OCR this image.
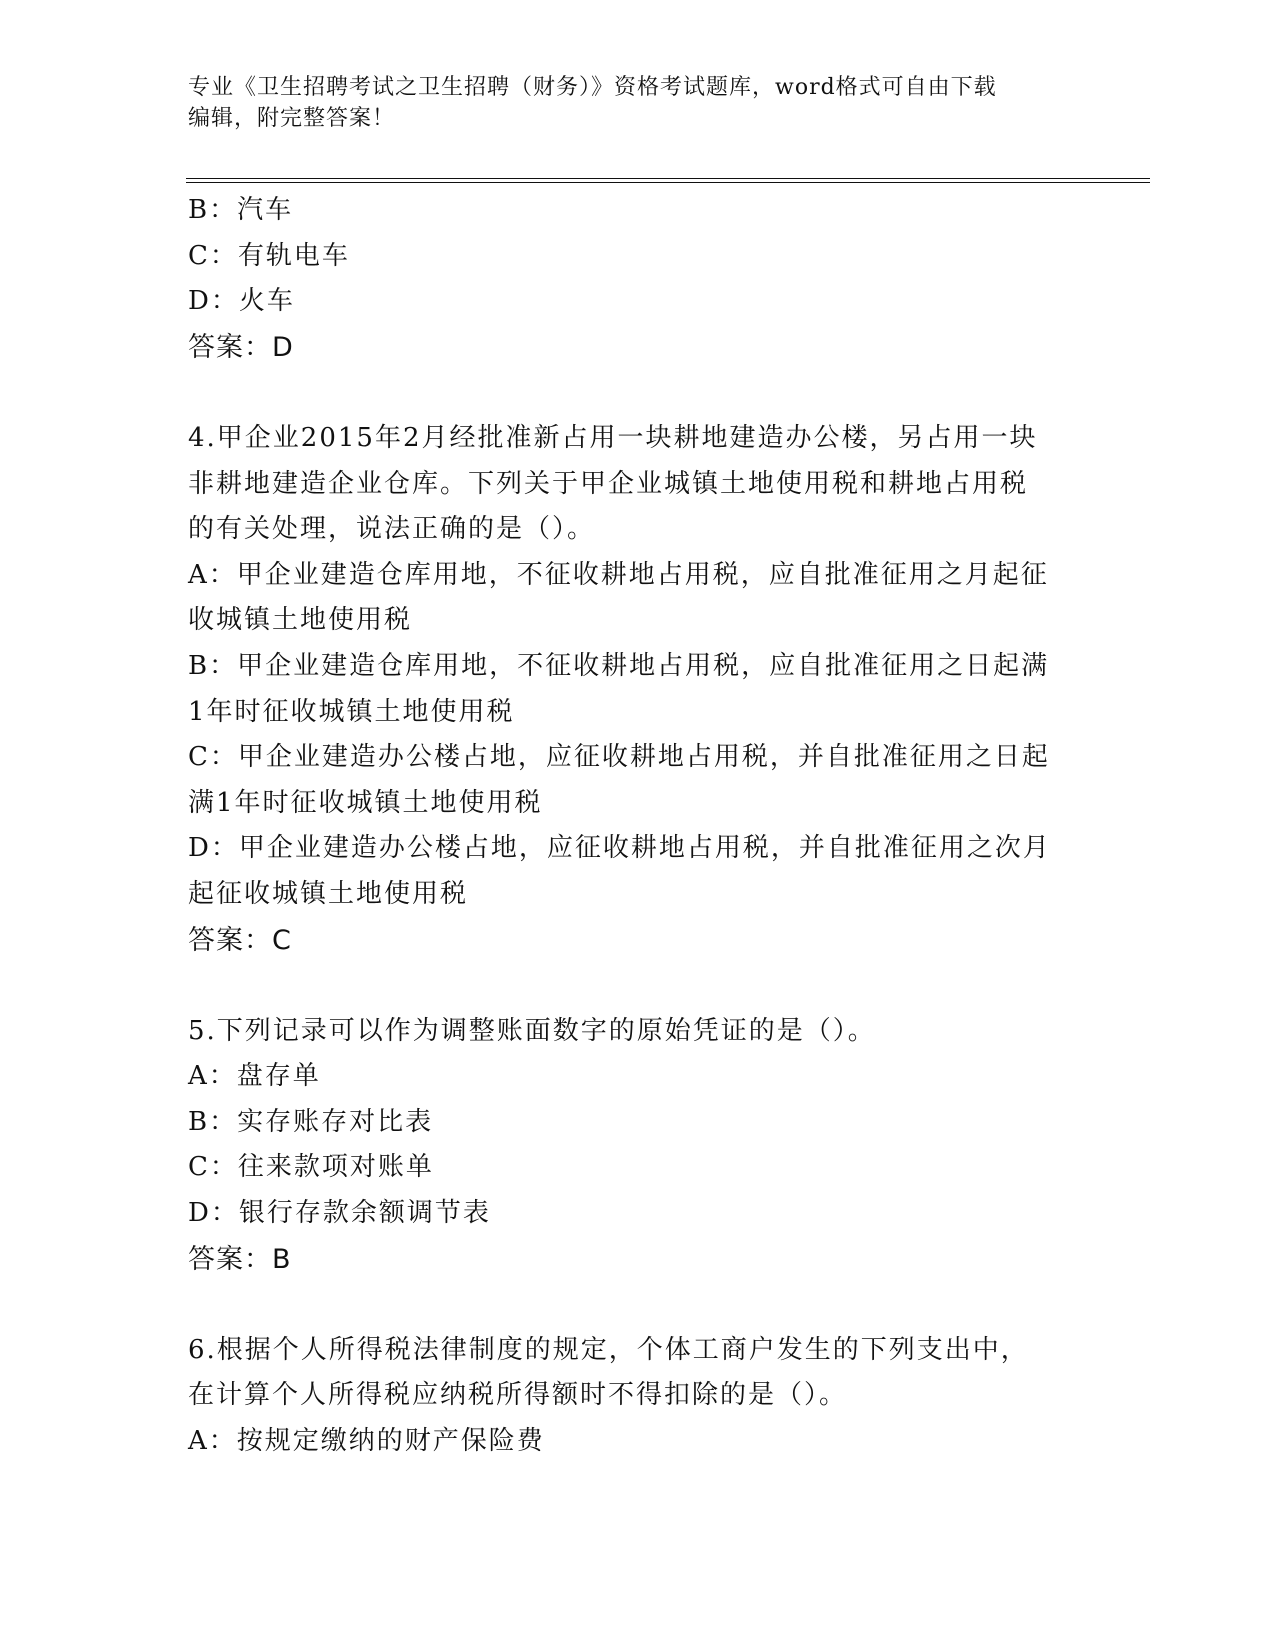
专业《卫生招聘考试之卫生招聘（财务）》资格考试题库，word格式可自由下载
编辑，附完整答案！
B：汽车
C：有轨电车
D：火车
答案：D
4.甲企业2015年2月经批准新占用一块耕地建造办公楼，另占用一块
非耕地建造企业仓库。下列关于甲企业城镇土地使用税和耕地占用税
的有关处理，说法正确的是（）。
A：甲企业建造仓库用地，不征收耕地占用税，应自批准征用之月起征
收城镇土地使用税
B：甲企业建造仓库用地，不征收耕地占用税，应自批准征用之日起满
1年时征收城镇土地使用税
C：甲企业建造办公楼占地，应征收耕地占用税，并自批准征用之日起
满1年时征收城镇土地使用税
D：甲企业建造办公楼占地，应征收耕地占用税，并自批准征用之次月
起征收城镇土地使用税
答案：C
5.下列记录可以作为调整账面数字的原始凭证的是（）。
A：盘存单
B：实存账存对比表
C：往来款项对账单
D：银行存款余额调节表
答案：B
6.根据个人所得税法律制度的规定，个体工商户发生的下列支出中，
在计算个人所得税应纳税所得额时不得扣除的是（）。
A：按规定缴纳的财产保险费
